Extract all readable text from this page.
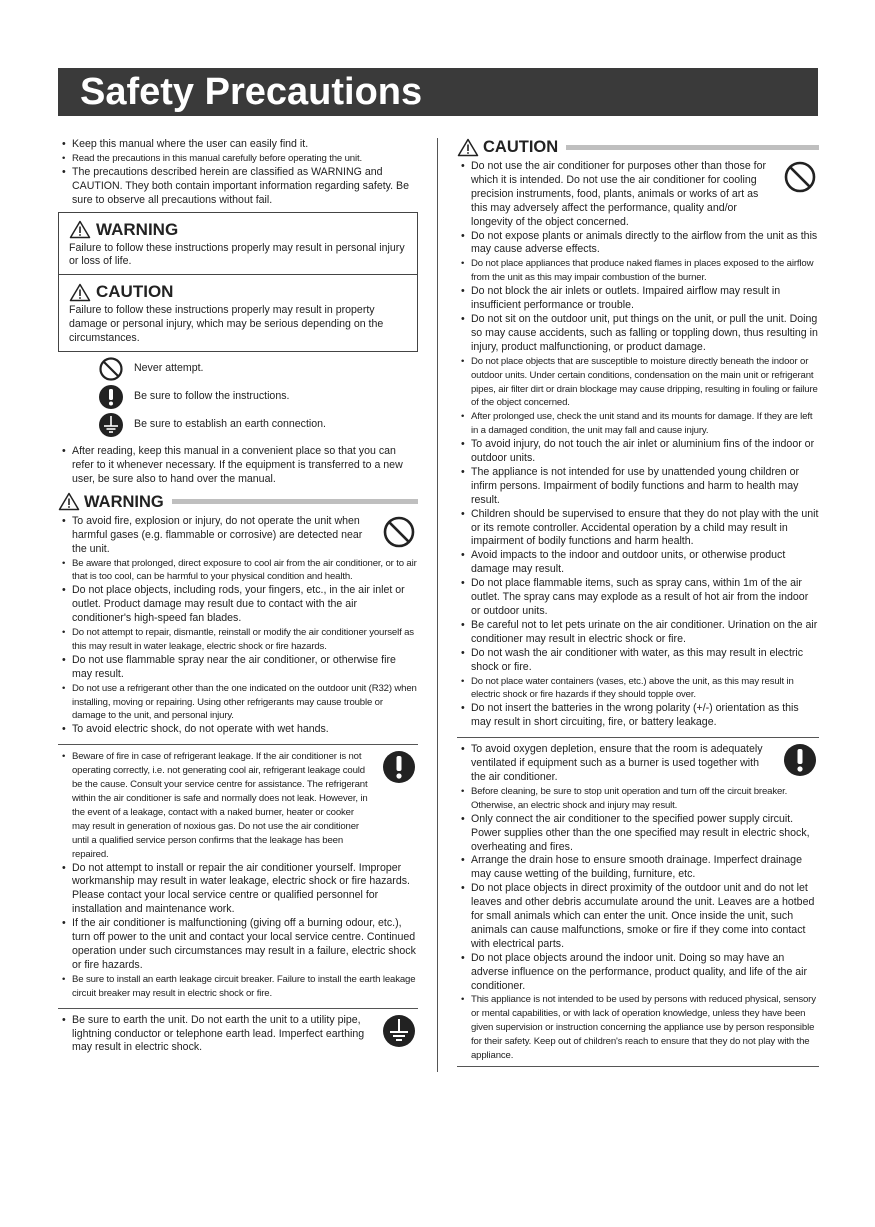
Safety Precautions
• Keep this manual where the user can easily find it.
• Read the precautions in this manual carefully before operating the unit.
• The precautions described herein are classified as WARNING and CAUTION. They both contain important information regarding safety. Be sure to observe all precautions without fail.
WARNING
Failure to follow these instructions properly may result in personal injury or loss of life.
CAUTION
Failure to follow these instructions properly may result in property damage or personal injury, which may be serious depending on the circumstances.
Never attempt.
Be sure to follow the instructions.
Be sure to establish an earth connection.
• After reading, keep this manual in a convenient place so that you can refer to it whenever necessary. If the equipment is transferred to a new user, be sure also to hand over the manual.
WARNING
• To avoid fire, explosion or injury, do not operate the unit when harmful gases (e.g. flammable or corrosive) are detected near the unit.
• Be aware that prolonged, direct exposure to cool air from the air conditioner, or to air that is too cool, can be harmful to your physical condition and health.
• Do not place objects, including rods, your fingers, etc., in the air inlet or outlet. Product damage may result due to contact with the air conditioner's high-speed fan blades.
• Do not attempt to repair, dismantle, reinstall or modify the air conditioner yourself as this may result in water leakage, electric shock or fire hazards.
• Do not use flammable spray near the air conditioner, or otherwise fire may result.
• Do not use a refrigerant other than the one indicated on the outdoor unit (R32) when installing, moving or repairing. Using other refrigerants may cause trouble or damage to the unit, and personal injury.
• To avoid electric shock, do not operate with wet hands.
• Beware of fire in case of refrigerant leakage. If the air conditioner is not operating correctly, i.e. not generating cool air, refrigerant leakage could be the cause. Consult your service centre for assistance. The refrigerant within the air conditioner is safe and normally does not leak. However, in the event of a leakage, contact with a naked burner, heater or cooker may result in generation of noxious gas. Do not use the air conditioner until a qualified service person confirms that the leakage has been repaired.
• Do not attempt to install or repair the air conditioner yourself. Improper workmanship may result in water leakage, electric shock or fire hazards. Please contact your local service centre or qualified personnel for installation and maintenance work.
• If the air conditioner is malfunctioning (giving off a burning odour, etc.), turn off power to the unit and contact your local service centre. Continued operation under such circumstances may result in a failure, electric shock or fire hazards.
• Be sure to install an earth leakage circuit breaker. Failure to install the earth leakage circuit breaker may result in electric shock or fire.
• Be sure to earth the unit. Do not earth the unit to a utility pipe, lightning conductor or telephone earth lead. Imperfect earthing may result in electric shock.
CAUTION
• Do not use the air conditioner for purposes other than those for which it is intended. Do not use the air conditioner for cooling precision instruments, food, plants, animals or works of art as this may adversely affect the performance, quality and/or longevity of the object concerned.
• Do not expose plants or animals directly to the airflow from the unit as this may cause adverse effects.
• Do not place appliances that produce naked flames in places exposed to the airflow from the unit as this may impair combustion of the burner.
• Do not block the air inlets or outlets. Impaired airflow may result in insufficient performance or trouble.
• Do not sit on the outdoor unit, put things on the unit, or pull the unit. Doing so may cause accidents, such as falling or toppling down, thus resulting in injury, product malfunctioning, or product damage.
• Do not place objects that are susceptible to moisture directly beneath the indoor or outdoor units. Under certain conditions, condensation on the main unit or refrigerant pipes, air filter dirt or drain blockage may cause dripping, resulting in fouling or failure of the object concerned.
• After prolonged use, check the unit stand and its mounts for damage. If they are left in a damaged condition, the unit may fall and cause injury.
• To avoid injury, do not touch the air inlet or aluminium fins of the indoor or outdoor units.
• The appliance is not intended for use by unattended young children or infirm persons. Impairment of bodily functions and harm to health may result.
• Children should be supervised to ensure that they do not play with the unit or its remote controller. Accidental operation by a child may result in impairment of bodily functions and harm health.
• Avoid impacts to the indoor and outdoor units, or otherwise product damage may result.
• Do not place flammable items, such as spray cans, within 1m of the air outlet. The spray cans may explode as a result of hot air from the indoor or outdoor units.
• Be careful not to let pets urinate on the air conditioner. Urination on the air conditioner may result in electric shock or fire.
• Do not wash the air conditioner with water, as this may result in electric shock or fire.
• Do not place water containers (vases, etc.) above the unit, as this may result in electric shock or fire hazards if they should topple over.
• Do not insert the batteries in the wrong polarity (+/-) orientation as this may result in short circuiting, fire, or battery leakage.
• To avoid oxygen depletion, ensure that the room is adequately ventilated if equipment such as a burner is used together with the air conditioner.
• Before cleaning, be sure to stop unit operation and turn off the circuit breaker. Otherwise, an electric shock and injury may result.
• Only connect the air conditioner to the specified power supply circuit. Power supplies other than the one specified may result in electric shock, overheating and fires.
• Arrange the drain hose to ensure smooth drainage. Imperfect drainage may cause wetting of the building, furniture, etc.
• Do not place objects in direct proximity of the outdoor unit and do not let leaves and other debris accumulate around the unit. Leaves are a hotbed for small animals which can enter the unit. Once inside the unit, such animals can cause malfunctions, smoke or fire if they come into contact with electrical parts.
• Do not place objects around the indoor unit. Doing so may have an adverse influence on the performance, product quality, and life of the air conditioner.
• This appliance is not intended to be used by persons with reduced physical, sensory or mental capabilities, or with lack of operation knowledge, unless they have been given supervision or instruction concerning the appliance use by person responsible for their safety. Keep out of children's reach to ensure that they do not play with the appliance.
